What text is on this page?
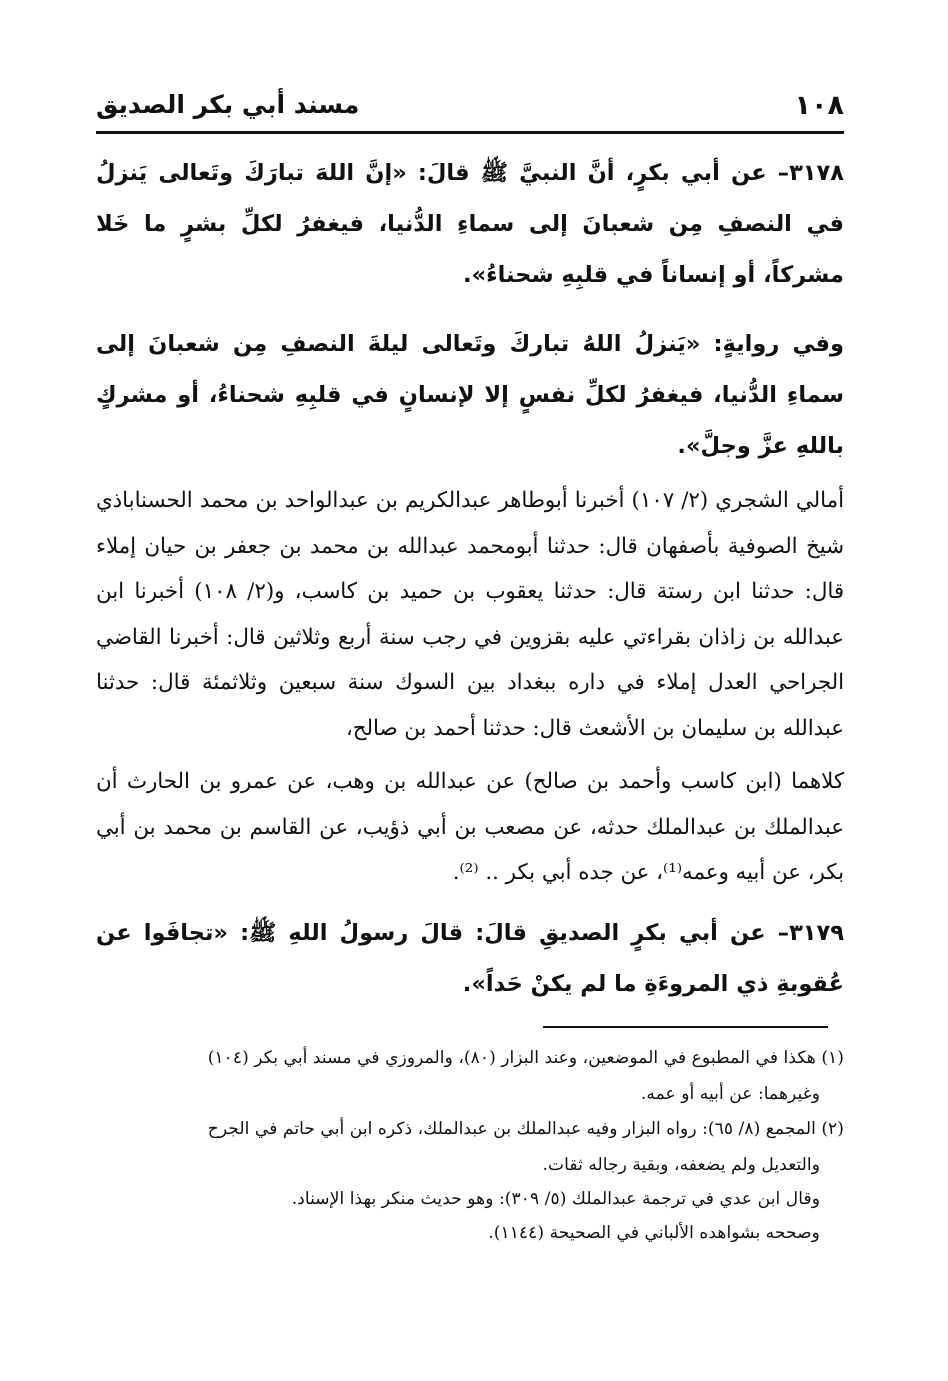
١٠٨
مسند أبي بكر الصديق

٣١٧٨– عن أبي بكرٍ، أنَّ النبيَّ ﷺ قالَ: «إنَّ اللهَ تبارَكَ وتَعالى يَنزلُ في النصفِ مِن شعبانَ إلى سماءِ الدُّنيا، فيغفرُ لكلِّ بشرٍ ما خَلا مشركاً، أو إنساناً في قلبِهِ شحناءُ».

وفي روايةٍ: «يَنزلُ اللهُ تباركَ وتَعالى ليلةَ النصفِ مِن شعبانَ إلى سماءِ الدُّنيا، فيغفرُ لكلِّ نفسٍ إلا لإنسانٍ في قلبِهِ شحناءُ، أو مشركٍ باللهِ عزَّ وجلَّ».

أمالي الشجري (٢/ ١٠٧) أخبرنا أبوطاهر عبدالكريم بن عبدالواحد بن محمد الحسناباذي شيخ الصوفية بأصفهان قال: حدثنا أبومحمد عبدالله بن محمد بن جعفر بن حيان إملاء قال: حدثنا ابن رستة قال: حدثنا يعقوب بن حميد بن كاسب، و(٢/ ١٠٨) أخبرنا ابن عبدالله بن زاذان بقراءتي عليه بقزوين في رجب سنة أربع وثلاثين قال: أخبرنا القاضي الجراحي العدل إملاء في داره ببغداد بين السوك سنة سبعين وثلاثمئة قال: حدثنا عبدالله بن سليمان بن الأشعث قال: حدثنا أحمد بن صالح،

كلاهما (ابن كاسب وأحمد بن صالح) عن عبدالله بن وهب، عن عمرو بن الحارث أن عبدالملك بن عبدالملك حدثه، عن مصعب بن أبي ذؤيب، عن القاسم بن محمد بن أبي بكر، عن أبيه وعمه⁽¹⁾، عن جده أبي بكر .. ⁽²⁾.

٣١٧٩– عن أبي بكرٍ الصديقِ قالَ: قالَ رسولُ اللهِ ﷺ: «تجافَوا عن عُقوبةِ ذي المروءَةِ ما لم يكنْ حَداً».

(١) هكذا في المطبوع في الموضعين، وعند البزار (٨٠)، والمروزي في مسند أبي بكر (١٠٤)

وغيرهما: عن أبيه أو عمه.

(٢) المجمع (٨/ ٦٥): رواه البزار وفيه عبدالملك بن عبدالملك، ذكره ابن أبي حاتم في الجرح

والتعديل ولم يضعفه، وبقية رجاله ثقات.

وقال ابن عدي في ترجمة عبدالملك (٥/ ٣٠٩): وهو حديث منكر بهذا الإسناد.

وصححه بشواهده الألباني في الصحيحة (١١٤٤).
